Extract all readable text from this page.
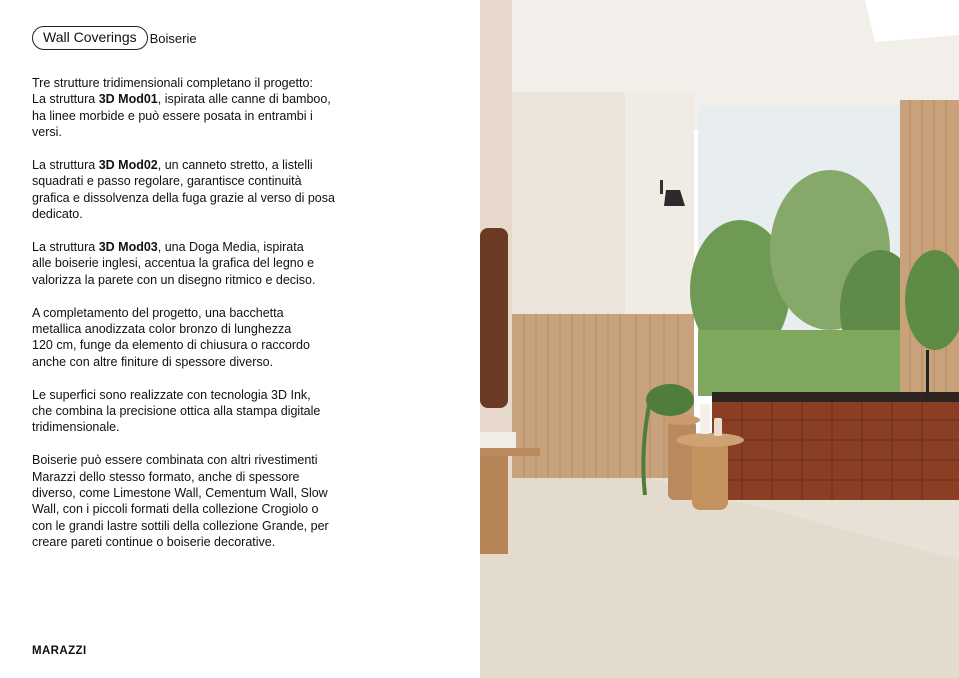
Wall Coverings	Boiserie

Tre strutture tridimensionali completano il progetto:
La struttura 3D Mod01, ispirata alle canne di bamboo,
ha linee morbide e può essere posata in entrambi i
versi.

La struttura 3D Mod02, un canneto stretto, a listelli
squadrati e passo regolare, garantisce continuità
grafica e dissolvenza della fuga grazie al verso di posa
dedicato.

La struttura 3D Mod03, una Doga Media, ispirata
alle boiserie inglesi, accentua la grafica del legno e
valorizza la parete con un disegno ritmico e deciso.

A completamento del progetto, una bacchetta
metallica anodizzata color bronzo di lunghezza
120 cm, funge da elemento di chiusura o raccordo
anche con altre finiture di spessore diverso.

Le superfici sono realizzate con tecnologia 3D Ink,
che combina la precisione ottica alla stampa digitale
tridimensionale.

Boiserie può essere combinata con altri rivestimenti
Marazzi dello stesso formato, anche di spessore
diverso, come Limestone Wall, Cementum Wall, Slow
Wall, con i piccoli formati della collezione Crogiolo o
con le grandi lastre sottili della collezione Grande, per
creare pareti continue o boiserie decorative.

MARAZZI
